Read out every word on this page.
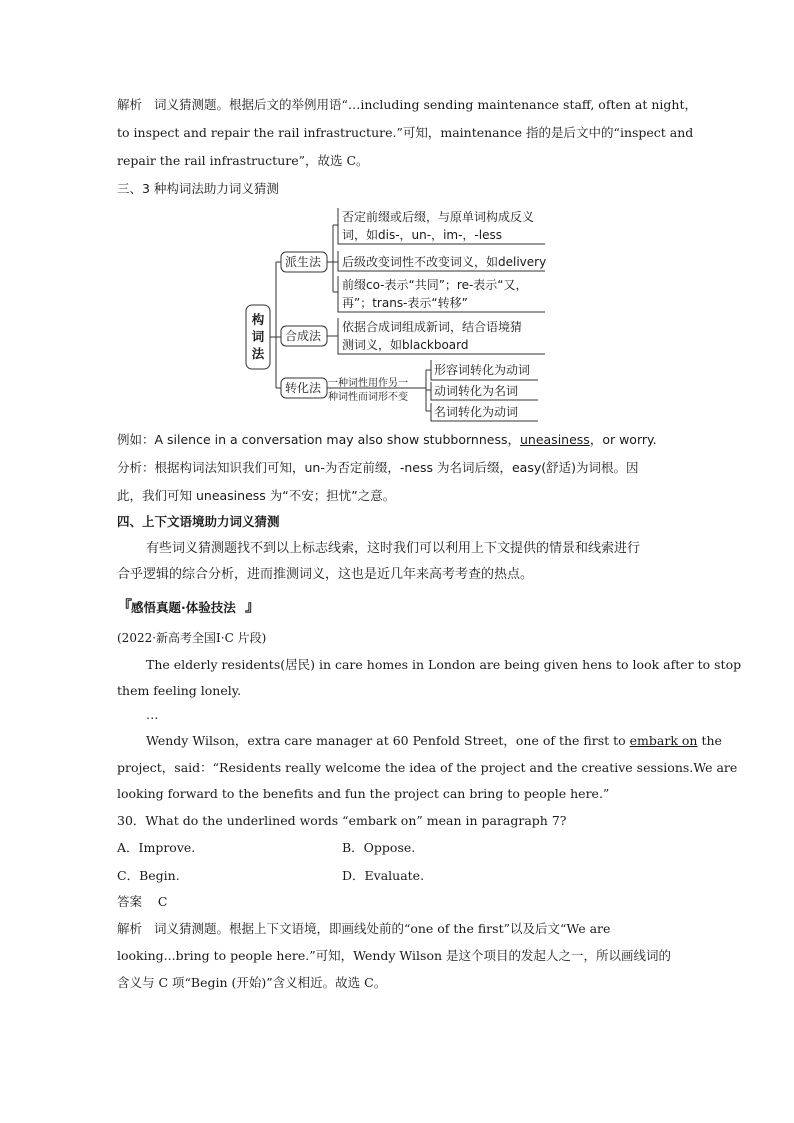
解析 词义猜测题。根据后文的举例用语“…including sending maintenance staff, often at night，
to inspect and repair the rail infrastructure.”可知，maintenance 指的是后文中的“inspect and
repair the rail infrastructure”，故选 C。
三、3 种构词法助力词义猜测
构
词
法
派生法
合成法
转化法
否定前缀或后缀，与原单词构成反义
词，如dis-，un-，im-，-less
后级改变词性不改变词义，如delivery
前缀co-表示“共同”；re-表示“又，
再”；trans-表示“转移”
依据合成词组成新词，结合语境猜
测词义，如blackboard
一种词性用作另一
种词性而词形不变
形容词转化为动词
动词转化为名词
名词转化为动词
例如：A silence in a conversation may also show stubbornness，uneasiness，or worry.
分析：根据构词法知识我们可知，un-为否定前缀，-ness 为名词后缀，easy(舒适)为词根。因
此，我们可知 uneasiness 为“不安；担忧”之意。
四、上下文语境助力词义猜测
有些词义猜测题找不到以上标志线索，这时我们可以利用上下文提供的情景和线索进行
合乎逻辑的综合分析，进而推测词义，这也是近几年来高考考查的热点。
『
感悟真题·体验技法 』
(2022·新高考全国Ⅰ·C 片段)
The elderly residents(居民) in care homes in London are being given hens to look after to stop
them feeling lonely.
…
Wendy Wilson，extra care manager at 60 Penfold Street，one of the first to embark on the
project，said：“Residents really welcome the idea of the project and the creative sessions.We are
looking forward to the benefits and fun the project can bring to people here.”
30．What do the underlined words “embark on” mean in paragraph 7?
A．Improve.	B．Oppose.
C．Begin.	D．Evaluate.
答案 C
解析 词义猜测题。根据上下文语境，即画线处前的“one of the first”以及后文“We are
looking...bring to people here.”可知，Wendy Wilson 是这个项目的发起人之一，所以画线词的
含义与 C 项“Begin (开始)”含义相近。故选 C。
